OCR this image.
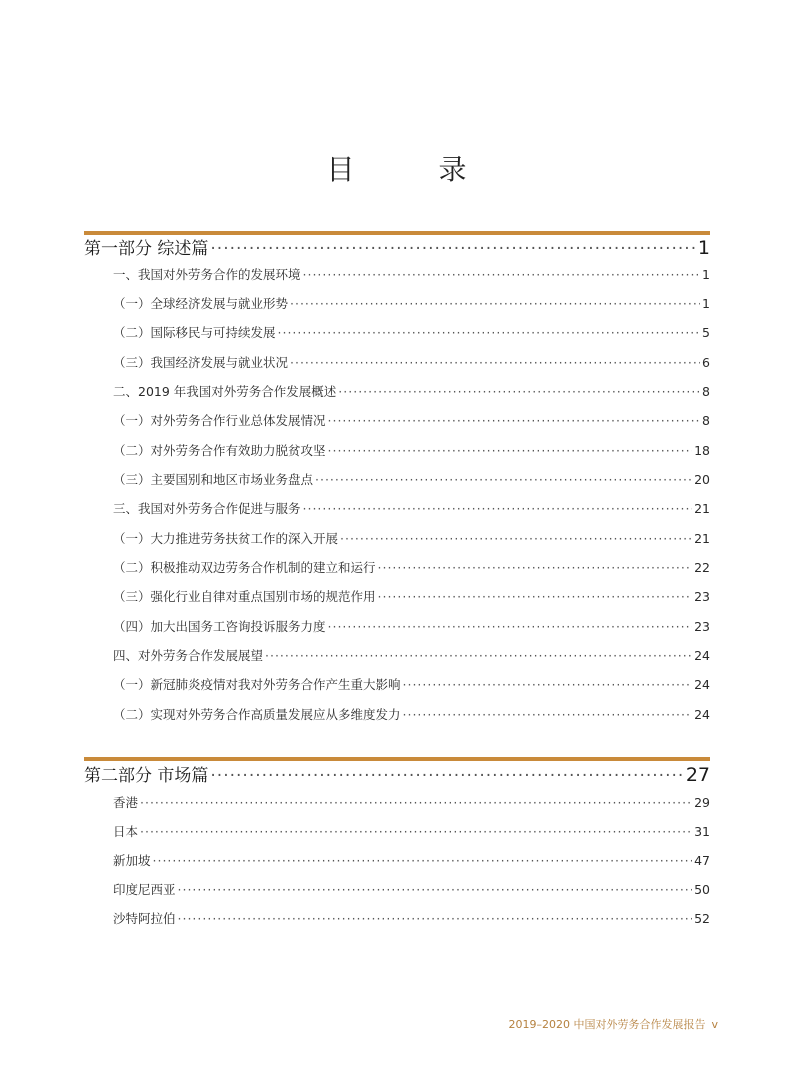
目　录
第一部分 综述篇 ·····	1
一、我国对外劳务合作的发展环境 ·····	1
（一）全球经济发展与就业形势 ·····	1
（二）国际移民与可持续发展 ·····	5
（三）我国经济发展与就业状况 ·····	6
二、2019 年我国对外劳务合作发展概述 ·····	8
（一）对外劳务合作行业总体发展情况 ·····	8
（二）对外劳务合作有效助力脱贫攻坚 ·····	18
（三）主要国别和地区市场业务盘点 ·····	20
三、我国对外劳务合作促进与服务 ·····	21
（一）大力推进劳务扶贫工作的深入开展 ·····	21
（二）积极推动双边劳务合作机制的建立和运行 ·····	22
（三）强化行业自律对重点国别市场的规范作用 ·····	23
（四）加大出国务工咨询投诉服务力度 ·····	23
四、对外劳务合作发展展望 ·····	24
（一）新冠肺炎疫情对我对外劳务合作产生重大影响 ·····	24
（二）实现对外劳务合作高质量发展应从多维度发力 ·····	24
第二部分 市场篇 ·····	27
香港 ·····	29
日本 ·····	31
新加坡 ·····	47
印度尼西亚 ·····	50
沙特阿拉伯 ·····	52
2019–2020 中国对外劳务合作发展报告 v
